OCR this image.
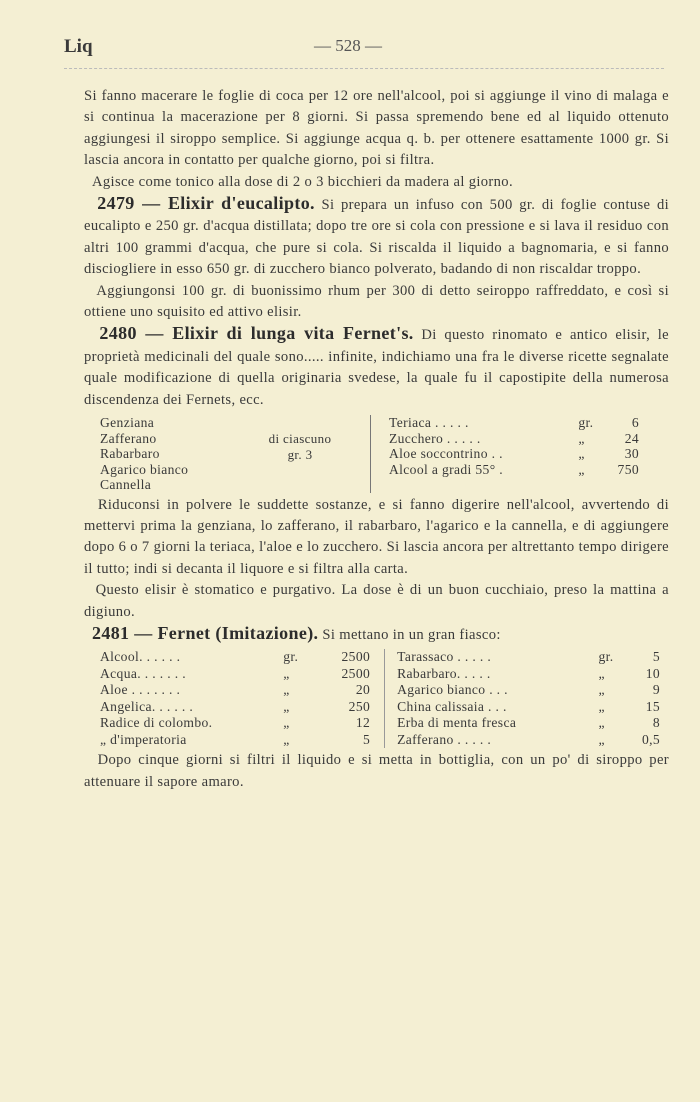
Liq	— 528 —

Si fanno macerare le foglie di coca per 12 ore nell'alcool, poi si aggiunge il vino di malaga e si continua la macerazione per 8 giorni. Si passa spremendo bene ed al liquido ottenuto aggiungesi il siroppo semplice. Si aggiunge acqua q. b. per ottenere esattamente 1000 gr. Si lascia ancora in contatto per qualche giorno, poi si filtra.

Agisce come tonico alla dose di 2 o 3 bicchieri da madera al giorno.

2479 — Elixir d'eucalipto. Si prepara un infuso con 500 gr. di foglie contuse di eucalipto e 250 gr. d'acqua distillata; dopo tre ore si cola con pressione e si lava il residuo con altri 100 grammi d'acqua, che pure si cola. Si riscalda il liquido a bagnomaria, e si fanno disciogliere in esso 650 gr. di zucchero bianco polverato, badando di non riscaldar troppo.

Aggiungonsi 100 gr. di buonissimo rhum per 300 di detto seiroppo raffreddato, e così si ottiene uno squisito ed attivo elisir.

2480 — Elixir di lunga vita Fernet's. Di questo rinomato e antico elisir, le proprietà medicinali del quale sono..... infinite, indichiamo una fra le diverse ricette segnalate quale modificazione di quella originaria svedese, la quale fu il capostipite della numerosa discendenza dei Fernets, ecc.

Genziana
Zafferano
Rabarbaro
Agarico bianco
Cannella

di ciascuno
gr. 3

Teriaca . . . . .	gr.	6
Zucchero . . . . .	„	24
Aloe soccontrino . .	„	30
Alcool a gradi 55° .	„	750

Riduconsi in polvere le suddette sostanze, e si fanno digerire nell'alcool, avvertendo di mettervi prima la genziana, lo zafferano, il rabarbaro, l'agarico e la cannella, e di aggiungere dopo 6 o 7 giorni la teriaca, l'aloe e lo zucchero. Si lascia ancora per altrettanto tempo dirigere il tutto; indi si decanta il liquore e si filtra alla carta.

Questo elisir è stomatico e purgativo. La dose è di un buon cucchiaio, preso la mattina a digiuno.

2481 — Fernet (Imitazione). Si mettano in un gran fiasco:

Alcool. . . . . .	gr.	2500	Tarassaco . . . . .	gr.	5
Acqua. . . . . . .	„	2500	Rabarbaro. . . . .	„	10
Aloe . . . . . . .	„	20	Agarico bianco . . .	„	9
Angelica. . . . . .	„	250	China calissaia . . .	„	15
Radice di colombo.	„	12	Erba di menta fresca	„	8
„ d'imperatoria	„	5	Zafferano . . . . .	„	0,5

Dopo cinque giorni si filtri il liquido e si metta in bottiglia, con un po' di siroppo per attenuare il sapore amaro.
